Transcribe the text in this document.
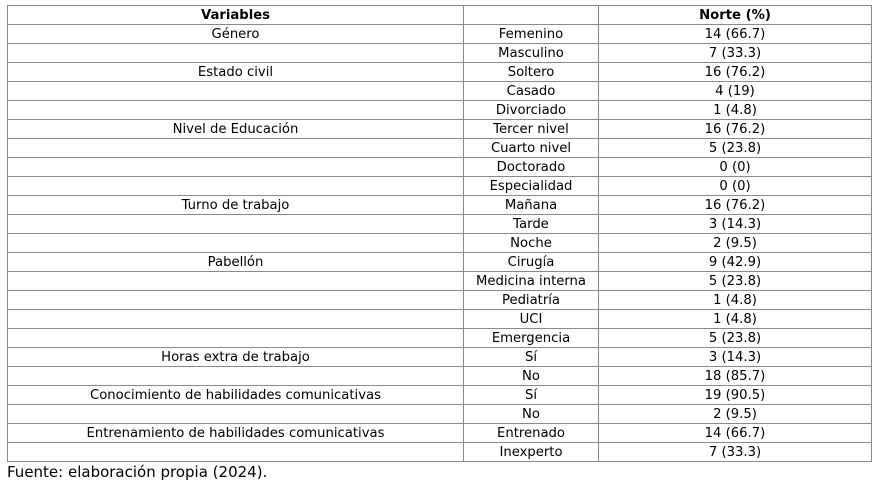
Variables		Norte (%)
Género	Femenino	14 (66.7)
	Masculino	7 (33.3)
Estado civil	Soltero	16 (76.2)
	Casado	4 (19)
	Divorciado	1 (4.8)
Nivel de Educación	Tercer nivel	16 (76.2)
	Cuarto nivel	5 (23.8)
	Doctorado	0 (0)
	Especialidad	0 (0)
Turno de trabajo	Mañana	16 (76.2)
	Tarde	3 (14.3)
	Noche	2 (9.5)
Pabellón	Cirugía	9 (42.9)
	Medicina interna	5 (23.8)
	Pediatría	1 (4.8)
	UCI	1 (4.8)
	Emergencia	5 (23.8)
Horas extra de trabajo	Sí	3 (14.3)
	No	18 (85.7)
Conocimiento de habilidades comunicativas	Sí	19 (90.5)
	No	2 (9.5)
Entrenamiento de habilidades comunicativas	Entrenado	14 (66.7)
	Inexperto	7 (33.3)
Fuente: elaboración propia (2024).
